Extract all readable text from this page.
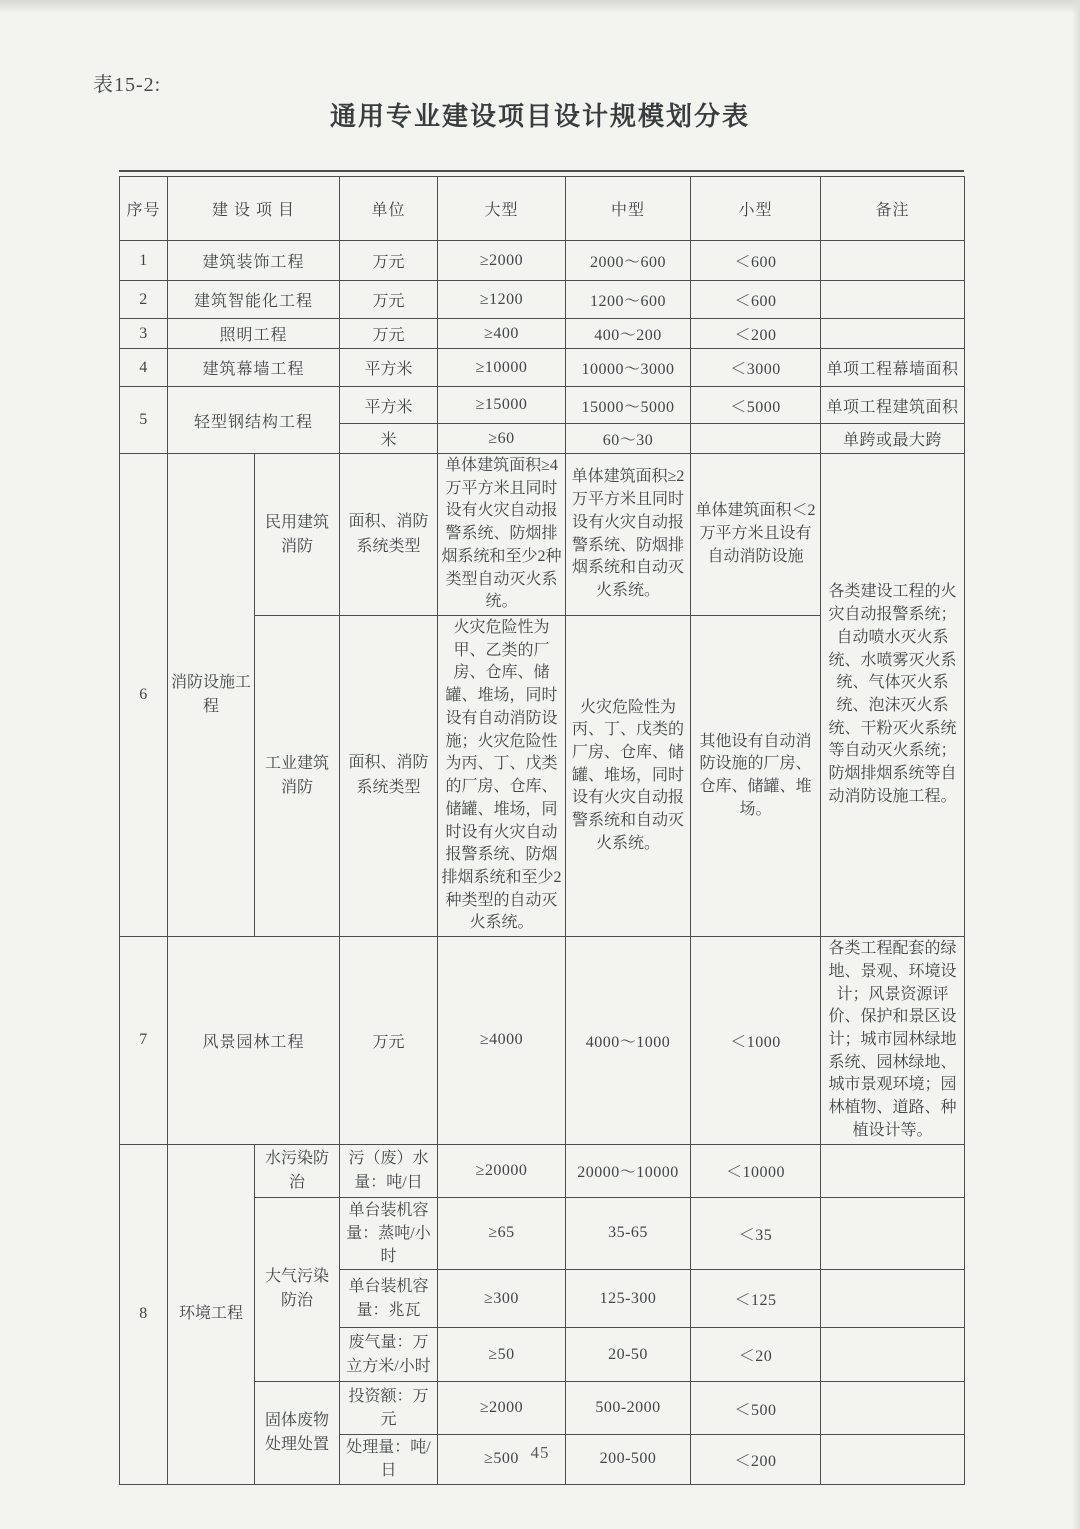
表15-2:
通用专业建设项目设计规模划分表
序号	建 设 项 目		单位	大型	中型	小型	备注
1	建筑装饰工程		万元	≥2000	2000～600	＜600	
2	建筑智能化工程		万元	≥1200	1200～600	＜600	
3	照明工程		万元	≥400	400～200	＜200	
4	建筑幕墙工程		平方米	≥10000	10000～3000	＜3000	单项工程幕墙面积
5	轻型钢结构工程		平方米	≥15000	15000～5000	＜5000	单项工程建筑面积
			米	≥60	60～30		单跨或最大跨
6	消防设施工程	民用建筑消防	面积、消防系统类型	单体建筑面积≥4万平方米且同时设有火灾自动报警系统、防烟排烟系统和至少2种类型自动灭火系统。	单体建筑面积≥2万平方米且同时设有火灾自动报警系统、防烟排烟系统和自动灭火系统。	单体建筑面积＜2万平方米且设有自动消防设施	各类建设工程的火灾自动报警系统；自动喷水灭火系统、水喷雾灭火系统、气体灭火系统、泡沫灭火系统、干粉灭火系统等自动灭火系统；防烟排烟系统等自动消防设施工程。
		工业建筑消防	面积、消防系统类型	火灾危险性为甲、乙类的厂房、仓库、储罐、堆场，同时设有自动消防设施；火灾危险性为丙、丁、戊类的厂房、仓库、储罐、堆场，同时设有火灾自动报警系统、防烟排烟系统和至少2种类型的自动灭火系统。	火灾危险性为丙、丁、戊类的厂房、仓库、储罐、堆场，同时设有火灾自动报警系统和自动灭火系统。	其他设有自动消防设施的厂房、仓库、储罐、堆场。	
7	风景园林工程		万元	≥4000	4000～1000	＜1000	各类工程配套的绿地、景观、环境设计；风景资源评价、保护和景区设计；城市园林绿地系统、园林绿地、城市景观环境；园林植物、道路、种植设计等。
8	环境工程	水污染防治	污（废）水量：吨/日	≥20000	20000～10000	＜10000	
		大气污染防治	单台装机容量：蒸吨/小时	≥65	35-65	＜35	
			单台装机容量：兆瓦	≥300	125-300	＜125	
			废气量：万立方米/小时	≥50	20-50	＜20	
		固体废物处理处置	投资额：万元	≥2000	500-2000	＜500	
			处理量：吨/日	≥500	200-500	＜200	
45
